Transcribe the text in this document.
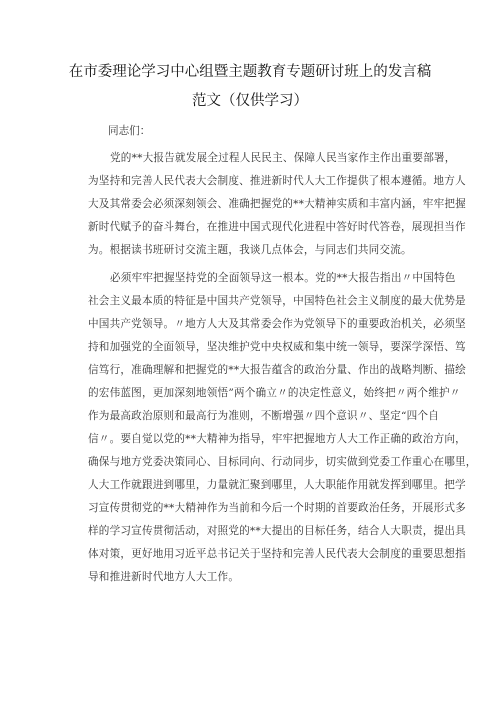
在市委理论学习中心组暨主题教育专题研讨班上的发言稿
范文（仅供学习）
同志们：
党的**大报告就发展全过程人民民主、保障人民当家作主作出重要部署，
为坚持和完善人民代表大会制度、推进新时代人大工作提供了根本遵循。地方人
大及其常委会必须深刻领会、准确把握党的**大精神实质和丰富内涵，牢牢把握
新时代赋予的奋斗舞台，在推进中国式现代化进程中答好时代答卷，展现担当作
为。根据读书班研讨交流主题，我谈几点体会，与同志们共同交流。
必须牢牢把握坚持党的全面领导这一根本。党的**大报告指出〃中国特色
社会主义最本质的特征是中国共产党领导，中国特色社会主义制度的最大优势是
中国共产党领导。〃地方人大及其常委会作为党领导下的重要政治机关，必须坚
持和加强党的全面领导，坚决维护党中央权威和集中统一领导，要深学深悟、笃
信笃行，准确理解和把握党的**大报告蕴含的政治分量、作出的战略判断、描绘
的宏伟蓝图，更加深刻地领悟”两个确立〃的决定性意义，始终把〃两个维护〃
作为最高政治原则和最高行为准则，不断增强〃四个意识〃、坚定“四个自
信〃。要自觉以党的**大精神为指导，牢牢把握地方人大工作正确的政治方向，
确保与地方党委决策同心、目标同向、行动同步，切实做到党委工作重心在哪里，
人大工作就跟进到哪里，力量就汇聚到哪里，人大职能作用就发挥到哪里。把学
习宣传贯彻党的**大精神作为当前和今后一个时期的首要政治任务，开展形式多
样的学习宣传贯彻活动，对照党的**大提出的目标任务，结合人大职责，提出具
体对策，更好地用习近平总书记关于坚持和完善人民代表大会制度的重要思想指
导和推进新时代地方人大工作。
